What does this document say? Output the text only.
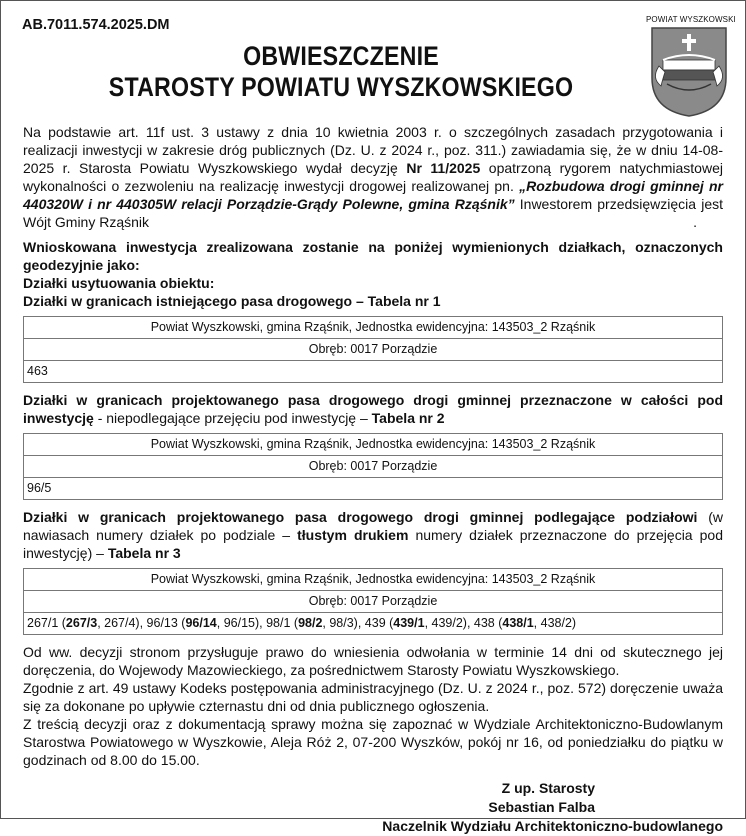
AB.7011.574.2025.DM
OBWIESZCZENIE
STAROSTY POWIATU WYSZKOWSKIEGO
POWIAT WYSZKOWSKI

Na podstawie art. 11f ust. 3 ustawy z dnia 10 kwietnia 2003 r. o szczególnych zasadach przygotowania i realizacji inwestycji w zakresie dróg publicznych (Dz. U. z 2024 r., poz. 311.) zawiadamia się, że w dniu 14-08-2025 r. Starosta Powiatu Wyszkowskiego wydał decyzję Nr 11/2025 opatrzoną rygorem natychmiastowej wykonalności o zezwoleniu na realizację inwestycji drogowej realizowanej pn. „Rozbudowa drogi gminnej nr 440320W i nr 440305W relacji Porządzie-Grądy Polewne, gmina Rząśnik” Inwestorem przedsięwzięcia jest Wójt Gminy Rząśnik	.

Wnioskowana inwestycja zrealizowana zostanie na poniżej wymienionych działkach, oznaczonych geodezyjnie jako:

Działki usytuowania obiektu:

Działki w granicach istniejącego pasa drogowego – Tabela nr 1

Powiat Wyszkowski, gmina Rząśnik, Jednostka ewidencyjna: 143503_2 Rząśnik
Obręb: 0017 Porządzie
463

Działki w granicach projektowanego pasa drogowego drogi gminnej przeznaczone w całości pod inwestycję - niepodlegające przejęciu pod inwestycję – Tabela nr 2

Powiat Wyszkowski, gmina Rząśnik, Jednostka ewidencyjna: 143503_2 Rząśnik
Obręb: 0017 Porządzie
96/5

Działki w granicach projektowanego pasa drogowego drogi gminnej podlegające podziałowi (w nawiasach numery działek po podziale – tłustym drukiem numery działek przeznaczone do przejęcia pod inwestycję) – Tabela nr 3

Powiat Wyszkowski, gmina Rząśnik, Jednostka ewidencyjna: 143503_2 Rząśnik
Obręb: 0017 Porządzie
267/1 (267/3, 267/4), 96/13 (96/14, 96/15), 98/1 (98/2, 98/3), 439 (439/1, 439/2), 438 (438/1, 438/2)

Od ww. decyzji stronom przysługuje prawo do wniesienia odwołania w terminie 14 dni od skutecznego jej doręczenia, do Wojewody Mazowieckiego, za pośrednictwem Starosty Powiatu Wyszkowskiego.

Zgodnie z art. 49 ustawy Kodeks postępowania administracyjnego (Dz. U. z 2024 r., poz. 572) doręczenie uważa się za dokonane po upływie czternastu dni od dnia publicznego ogłoszenia.

Z treścią decyzji oraz z dokumentacją sprawy można się zapoznać w Wydziale Architektoniczno-Budowlanym Starostwa Powiatowego w Wyszkowie, Aleja Róż 2, 07-200 Wyszków, pokój nr 16, od poniedziałku do piątku w godzinach od 8.00 do 15.00.

Z up. Starosty
Sebastian Falba
Naczelnik Wydziału Architektoniczno-budowlanego
